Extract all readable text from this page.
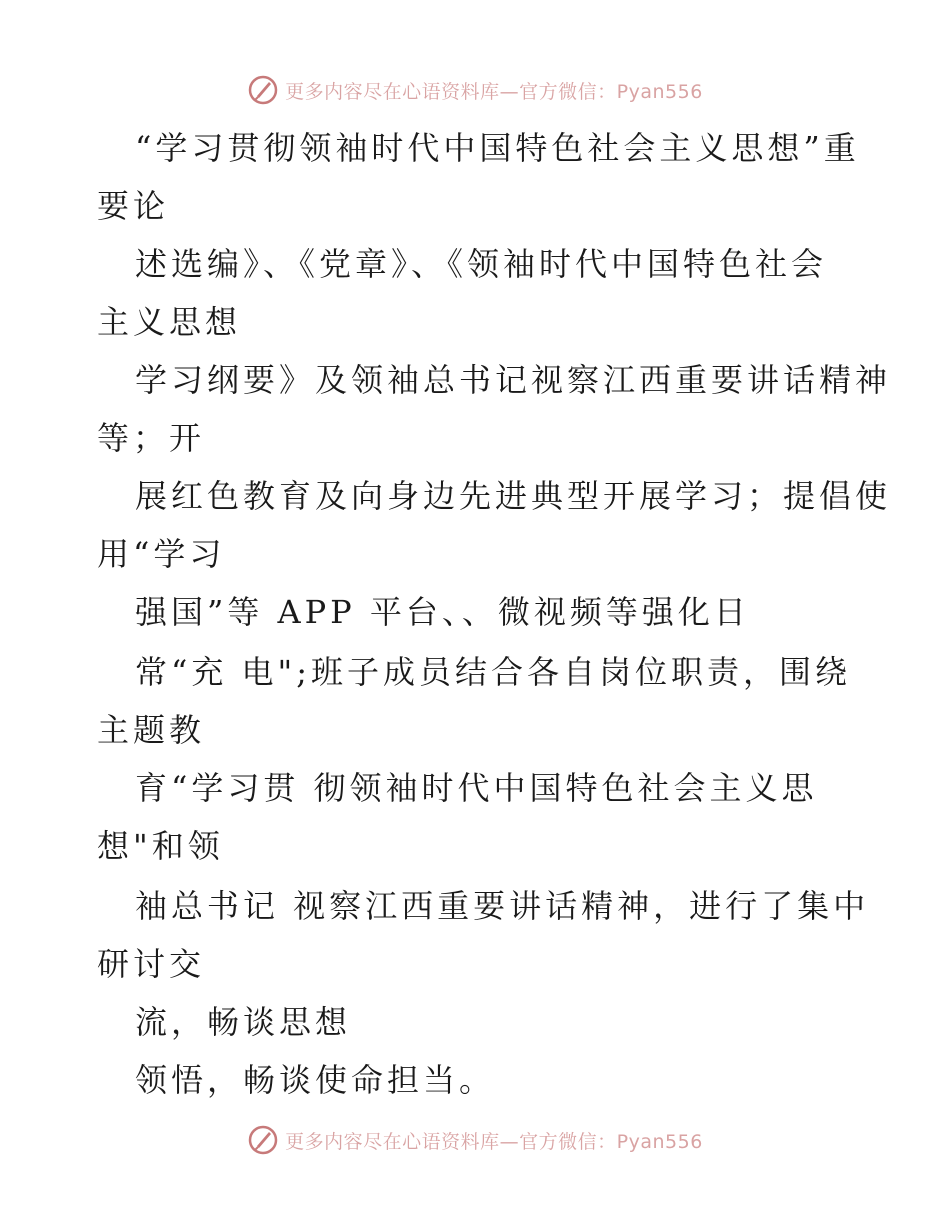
更多内容尽在心语资料库—官方微信：Pyan556
“学习贯彻领袖时代中国特色社会主义思想”重
要论
述选编》、《党章》、《领袖时代中国特色社会
主义思想
学习纲要》及领袖总书记视察江西重要讲话精神
等；开
展红色教育及向身边先进典型开展学习；提倡使
用“学习
强国”等 APP 平台、、微视频等强化日
常“充 电";班子成员结合各自岗位职责，围绕
主题教
育“学习贯 彻领袖时代中国特色社会主义思
想"和领
袖总书记 视察江西重要讲话精神，进行了集中
研讨交
流，畅谈思想
领悟，畅谈使命担当。
更多内容尽在心语资料库—官方微信：Pyan556
